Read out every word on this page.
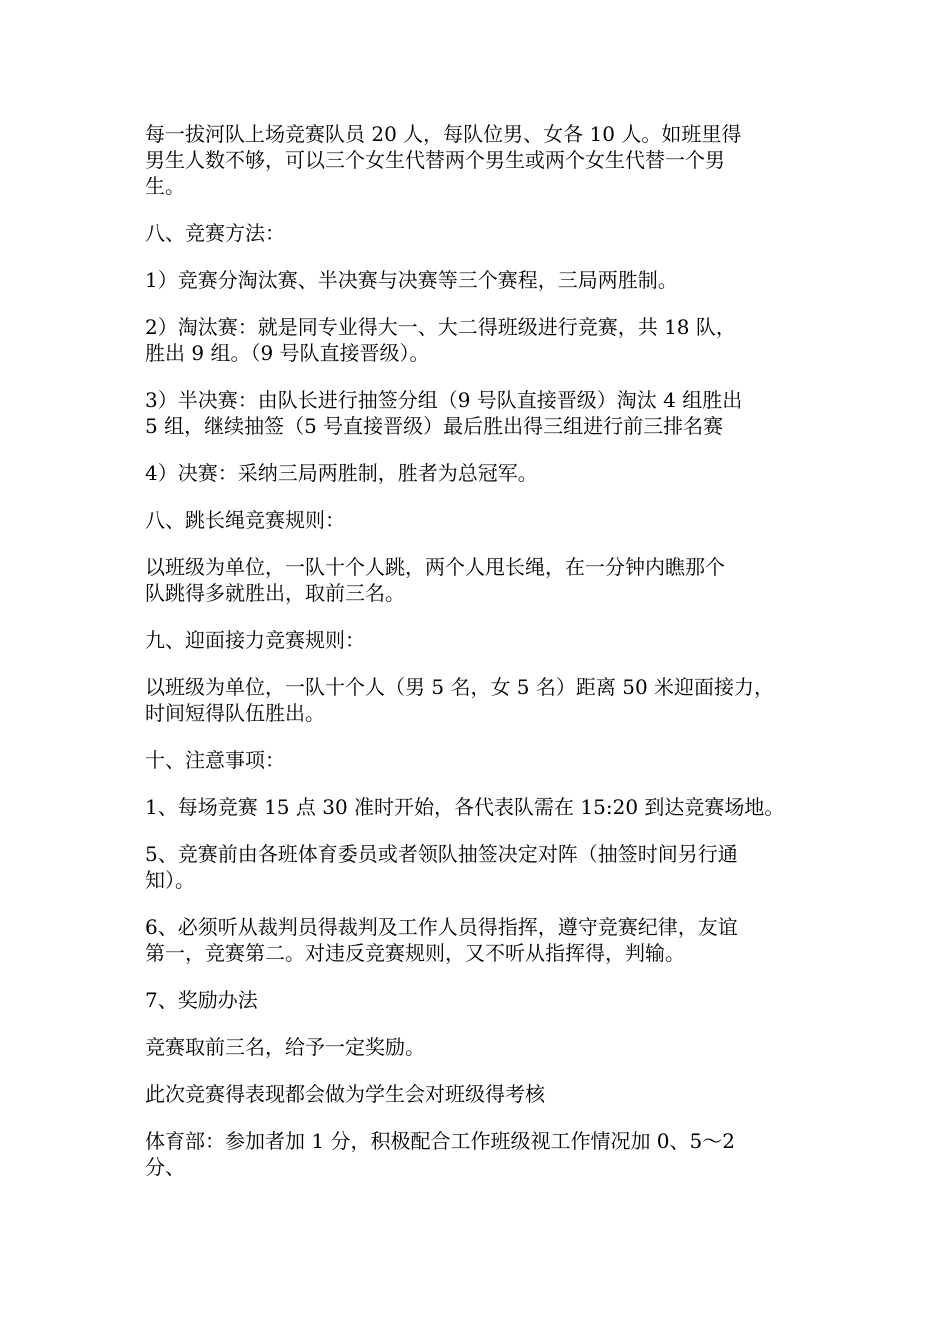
每一拔河队上场竞赛队员 20 人，每队位男、女各 10 人。如班里得
男生人数不够，可以三个女生代替两个男生或两个女生代替一个男
生。

八、竞赛方法：

1）竞赛分淘汰赛、半决赛与决赛等三个赛程，三局两胜制。

2）淘汰赛：就是同专业得大一、大二得班级进行竞赛，共 18 队，
胜出 9 组。（9 号队直接晋级）。

3）半决赛：由队长进行抽签分组（9 号队直接晋级）淘汰 4 组胜出
5 组，继续抽签（5 号直接晋级）最后胜出得三组进行前三排名赛

4）决赛：采纳三局两胜制，胜者为总冠军。

八、跳长绳竞赛规则：

以班级为单位，一队十个人跳，两个人甩长绳，在一分钟内瞧那个
队跳得多就胜出，取前三名。

九、迎面接力竞赛规则：

以班级为单位，一队十个人（男 5 名，女 5 名）距离 50 米迎面接力，
时间短得队伍胜出。

十、注意事项：

1、每场竞赛 15 点 30 准时开始，各代表队需在 15:20 到达竞赛场地。

5、竞赛前由各班体育委员或者领队抽签决定对阵（抽签时间另行通
知）。

6、必须听从裁判员得裁判及工作人员得指挥，遵守竞赛纪律，友谊
第一，竞赛第二。对违反竞赛规则，又不听从指挥得，判输。

7、奖励办法

竞赛取前三名，给予一定奖励。

此次竞赛得表现都会做为学生会对班级得考核

体育部：参加者加 1 分，积极配合工作班级视工作情况加 0、5～2
分、
